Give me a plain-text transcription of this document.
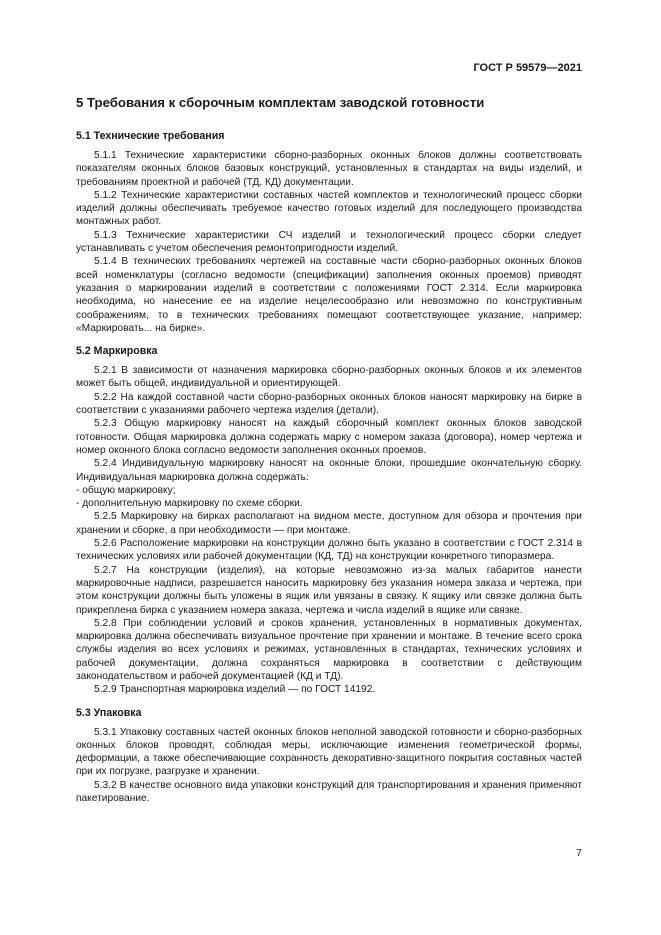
ГОСТ Р 59579—2021
5 Требования к сборочным комплектам заводской готовности
5.1 Технические требования

5.1.1 Технические характеристики сборно-разборных оконных блоков должны соответствовать показателям оконных блоков базовых конструкций, установленных в стандартах на виды изделий, и требованиям проектной и рабочей (ТД, КД) документации.

5.1.2 Технические характеристики составных частей комплектов и технологический процесс сборки изделий должны обеспечивать требуемое качество готовых изделий для последующего производства монтажных работ.

5.1.3 Технические характеристики СЧ изделий и технологический процесс сборки следует устанавливать с учетом обеспечения ремонтопригодности изделий.

5.1.4 В технических требованиях чертежей на составные части сборно-разборных оконных блоков всей номенклатуры (согласно ведомости (спецификации) заполнения оконных проемов) приводят указания о маркировании изделий в соответствии с положениями ГОСТ 2.314. Если маркировка необходима, но нанесение ее на изделие нецелесообразно или невозможно по конструктивным соображениям, то в технических требованиях помещают соответствующее указание, например: «Маркировать... на бирке».

5.2 Маркировка

5.2.1 В зависимости от назначения маркировка сборно-разборных оконных блоков и их элементов может быть общей, индивидуальной и ориентирующей.

5.2.2 На каждой составной части сборно-разборных оконных блоков наносят маркировку на бирке в соответствии с указаниями рабочего чертежа изделия (детали).

5.2.3 Общую маркировку наносят на каждый сборочный комплект оконных блоков заводской готовности. Общая маркировка должна содержать марку с номером заказа (договора), номер чертежа и номер оконного блока согласно ведомости заполнения оконных проемов.

5.2.4 Индивидуальную маркировку наносят на оконные блоки, прошедшие окончательную сборку. Индивидуальная маркировка должна содержать:

- общую маркировку;

- дополнительную маркировку по схеме сборки.

5.2.5 Маркировку на бирках располагают на видном месте, доступном для обзора и прочтения при хранении и сборке, а при необходимости — при монтаже.

5.2.6 Расположение маркировки на конструкции должно быть указано в соответствии с ГОСТ 2.314 в технических условиях или рабочей документации (КД, ТД) на конструкции конкретного типоразмера.

5.2.7 На конструкции (изделия), на которые невозможно из-за малых габаритов нанести маркировочные надписи, разрешается наносить маркировку без указания номера заказа и чертежа, при этом конструкции должны быть уложены в ящик или увязаны в связку. К ящику или связке должна быть прикреплена бирка с указанием номера заказа, чертежа и числа изделий в ящике или связке.

5.2.8 При соблюдении условий и сроков хранения, установленных в нормативных документах, маркировка должна обеспечивать визуальное прочтение при хранении и монтаже. В течение всего срока службы изделия во всех условиях и режимах, установленных в стандартах, технических условиях и рабочей документации, должна сохраняться маркировка в соответствии с действующим законодательством и рабочей документацией (КД и ТД).

5.2.9 Транспортная маркировка изделий — по ГОСТ 14192.

5.3 Упаковка

5.3.1 Упаковку составных частей оконных блоков неполной заводской готовности и сборно-разборных оконных блоков проводят, соблюдая меры, исключающие изменения геометрической формы, деформации, а также обеспечивающие сохранность декоративно-защитного покрытия составных частей при их погрузке, разгрузке и хранении.

5.3.2 В качестве основного вида упаковки конструкций для транспортирования и хранения применяют пакетирование.

7
